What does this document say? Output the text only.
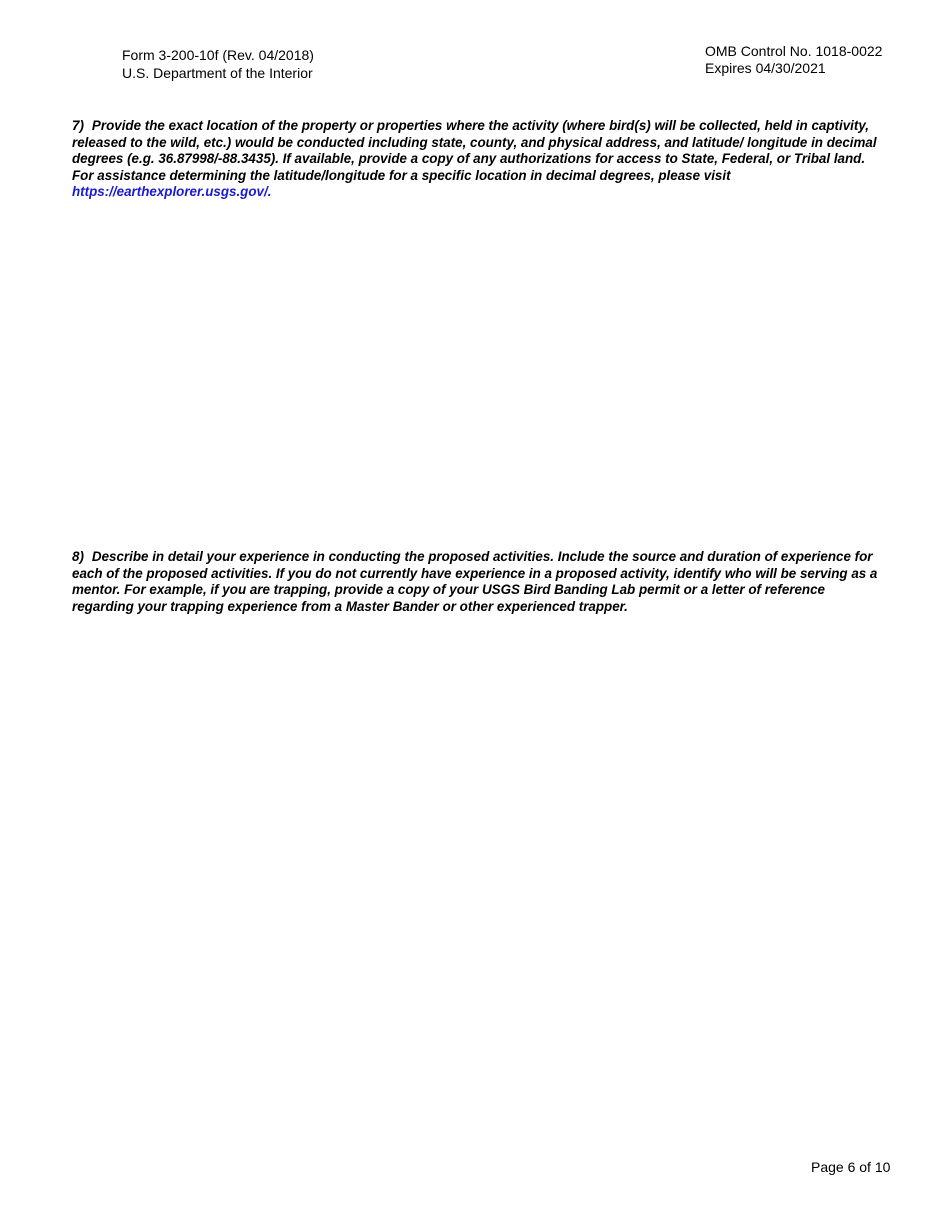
Form 3-200-10f (Rev. 04/2018)
U.S. Department of the Interior
OMB Control No. 1018-0022
Expires 04/30/2021
7) Provide the exact location of the property or properties where the activity (where bird(s) will be collected, held in captivity, released to the wild, etc.) would be conducted including state, county, and physical address, and latitude/ longitude in decimal degrees (e.g. 36.87998/-88.3435). If available, provide a copy of any authorizations for access to State, Federal, or Tribal land. For assistance determining the latitude/longitude for a specific location in decimal degrees, please visit https://earthexplorer.usgs.gov/.
8) Describe in detail your experience in conducting the proposed activities. Include the source and duration of experience for each of the proposed activities. If you do not currently have experience in a proposed activity, identify who will be serving as a mentor. For example, if you are trapping, provide a copy of your USGS Bird Banding Lab permit or a letter of reference regarding your trapping experience from a Master Bander or other experienced trapper.
Page 6 of 10
